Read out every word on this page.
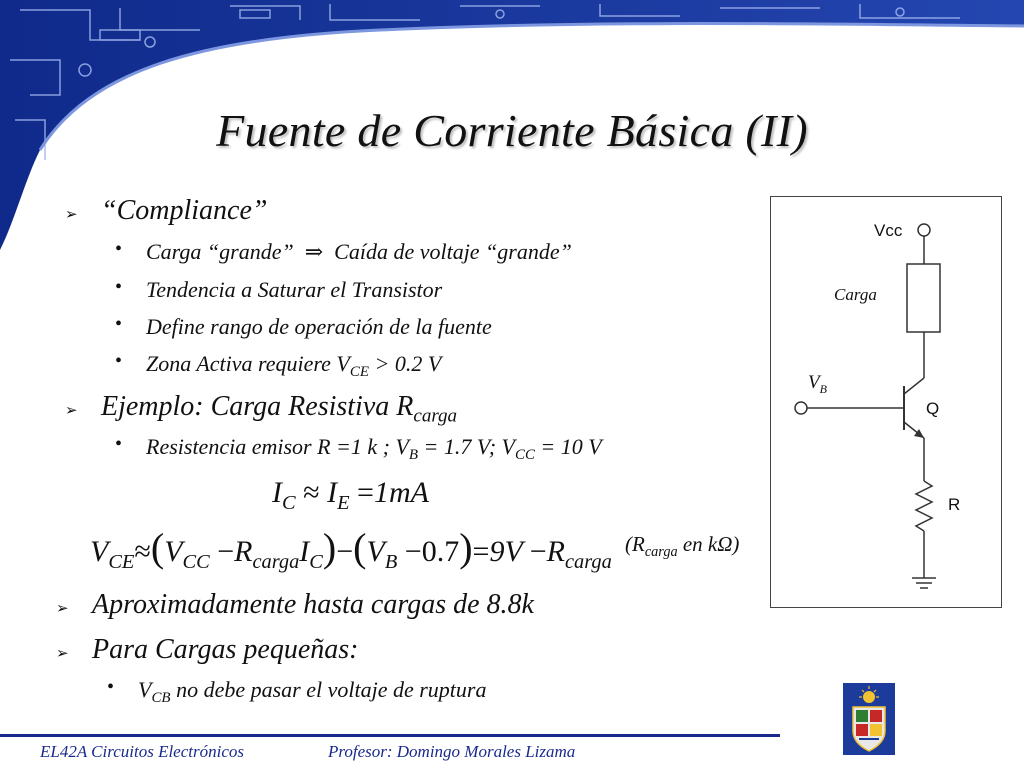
Fuente de Corriente Básica (II)
➢ “Compliance”
• Carga “grande” ⇒ Caída de voltaje “grande”
• Tendencia a Saturar el Transistor
• Define rango de operación de la fuente
• Zona Activa requiere $V_{CE} > 0.2$ V
➢ Ejemplo: Carga Resistiva $R_{carga}$
• Resistencia emisor R =1 k ; $V_B = 1.7$ V; $V_{CC} = 10$ V
$I_C \approx I_E =1mA$
$V_{CE}\approx(V_{CC} -R_{carga}I_C)-(V_B -0.7)=9V -R_{carga}$
($R_{carga}$ en kΩ)
➢ Aproximadamente hasta cargas de 8.8k
➢ Para Cargas pequeñas:
• $V_{CB}$ no debe pasar el voltaje de ruptura
Vcc
Carga
$V_B$
Q
R
EL42A Circuitos Electrónicos	Profesor: Domingo Morales Lizama
